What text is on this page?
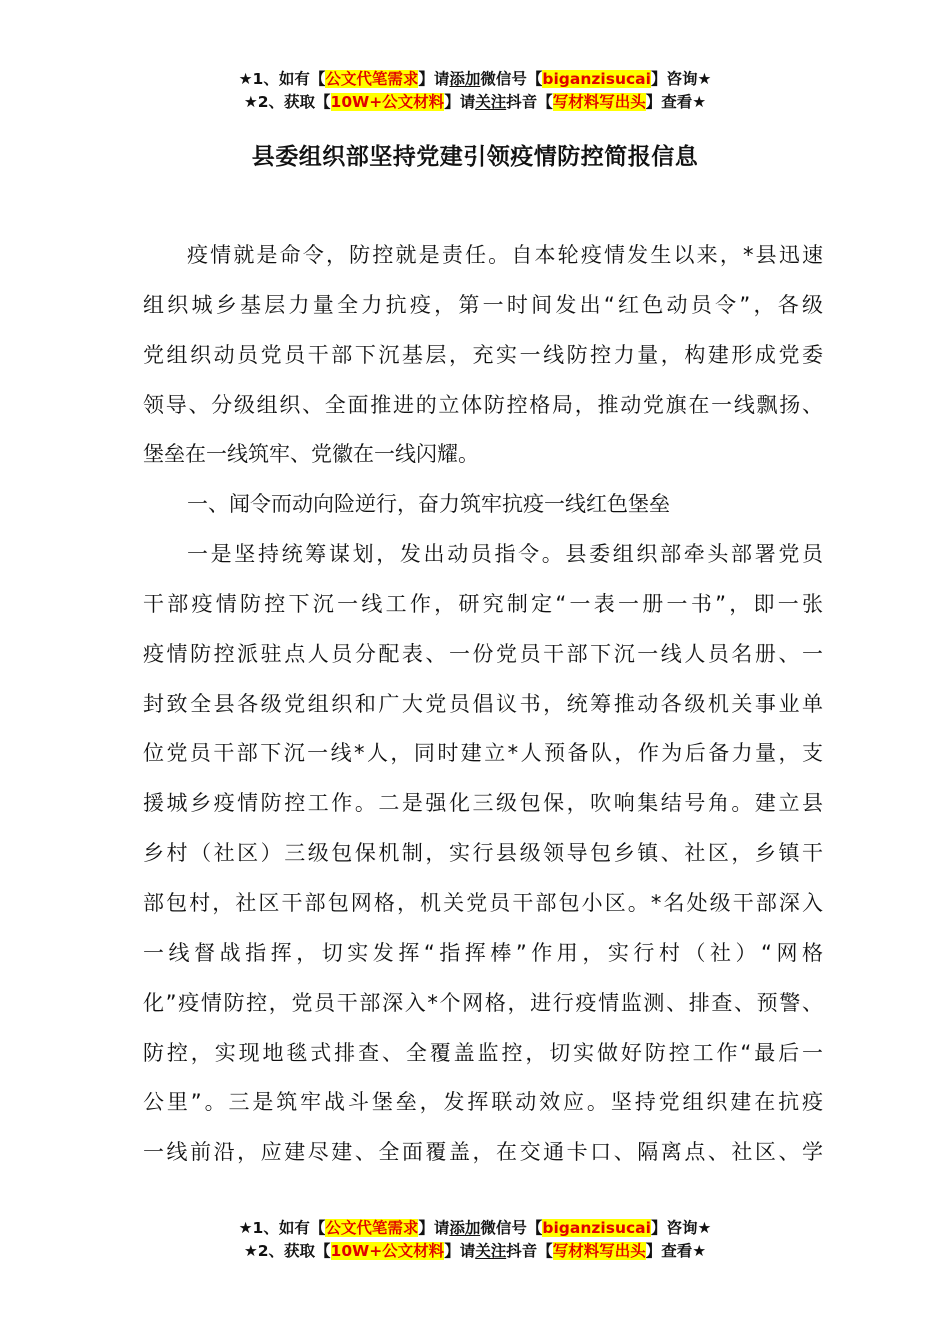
★1、如有【公文代笔需求】请添加微信号【biganzisucai】咨询★
★2、获取【10W+公文材料】请关注抖音【写材料写出头】查看★
县委组织部坚持党建引领疫情防控简报信息
疫情就是命令，防控就是责任。自本轮疫情发生以来，*县迅速
组织城乡基层力量全力抗疫，第一时间发出“红色动员令”，各级
党组织动员党员干部下沉基层，充实一线防控力量，构建形成党委
领导、分级组织、全面推进的立体防控格局，推动党旗在一线飘扬、
堡垒在一线筑牢、党徽在一线闪耀。
一、闻令而动向险逆行，奋力筑牢抗疫一线红色堡垒
一是坚持统筹谋划，发出动员指令。县委组织部牵头部署党员
干部疫情防控下沉一线工作，研究制定“一表一册一书”，即一张
疫情防控派驻点人员分配表、一份党员干部下沉一线人员名册、一
封致全县各级党组织和广大党员倡议书，统筹推动各级机关事业单
位党员干部下沉一线*人，同时建立*人预备队，作为后备力量，支
援城乡疫情防控工作。二是强化三级包保，吹响集结号角。建立县
乡村（社区）三级包保机制，实行县级领导包乡镇、社区，乡镇干
部包村，社区干部包网格，机关党员干部包小区。*名处级干部深入
一线督战指挥，切实发挥“指挥棒”作用，实行村（社）“网格
化”疫情防控，党员干部深入*个网格，进行疫情监测、排查、预警、
防控，实现地毯式排查、全覆盖监控，切实做好防控工作“最后一
公里”。三是筑牢战斗堡垒，发挥联动效应。坚持党组织建在抗疫
一线前沿，应建尽建、全面覆盖，在交通卡口、隔离点、社区、学
★1、如有【公文代笔需求】请添加微信号【biganzisucai】咨询★
★2、获取【10W+公文材料】请关注抖音【写材料写出头】查看★
